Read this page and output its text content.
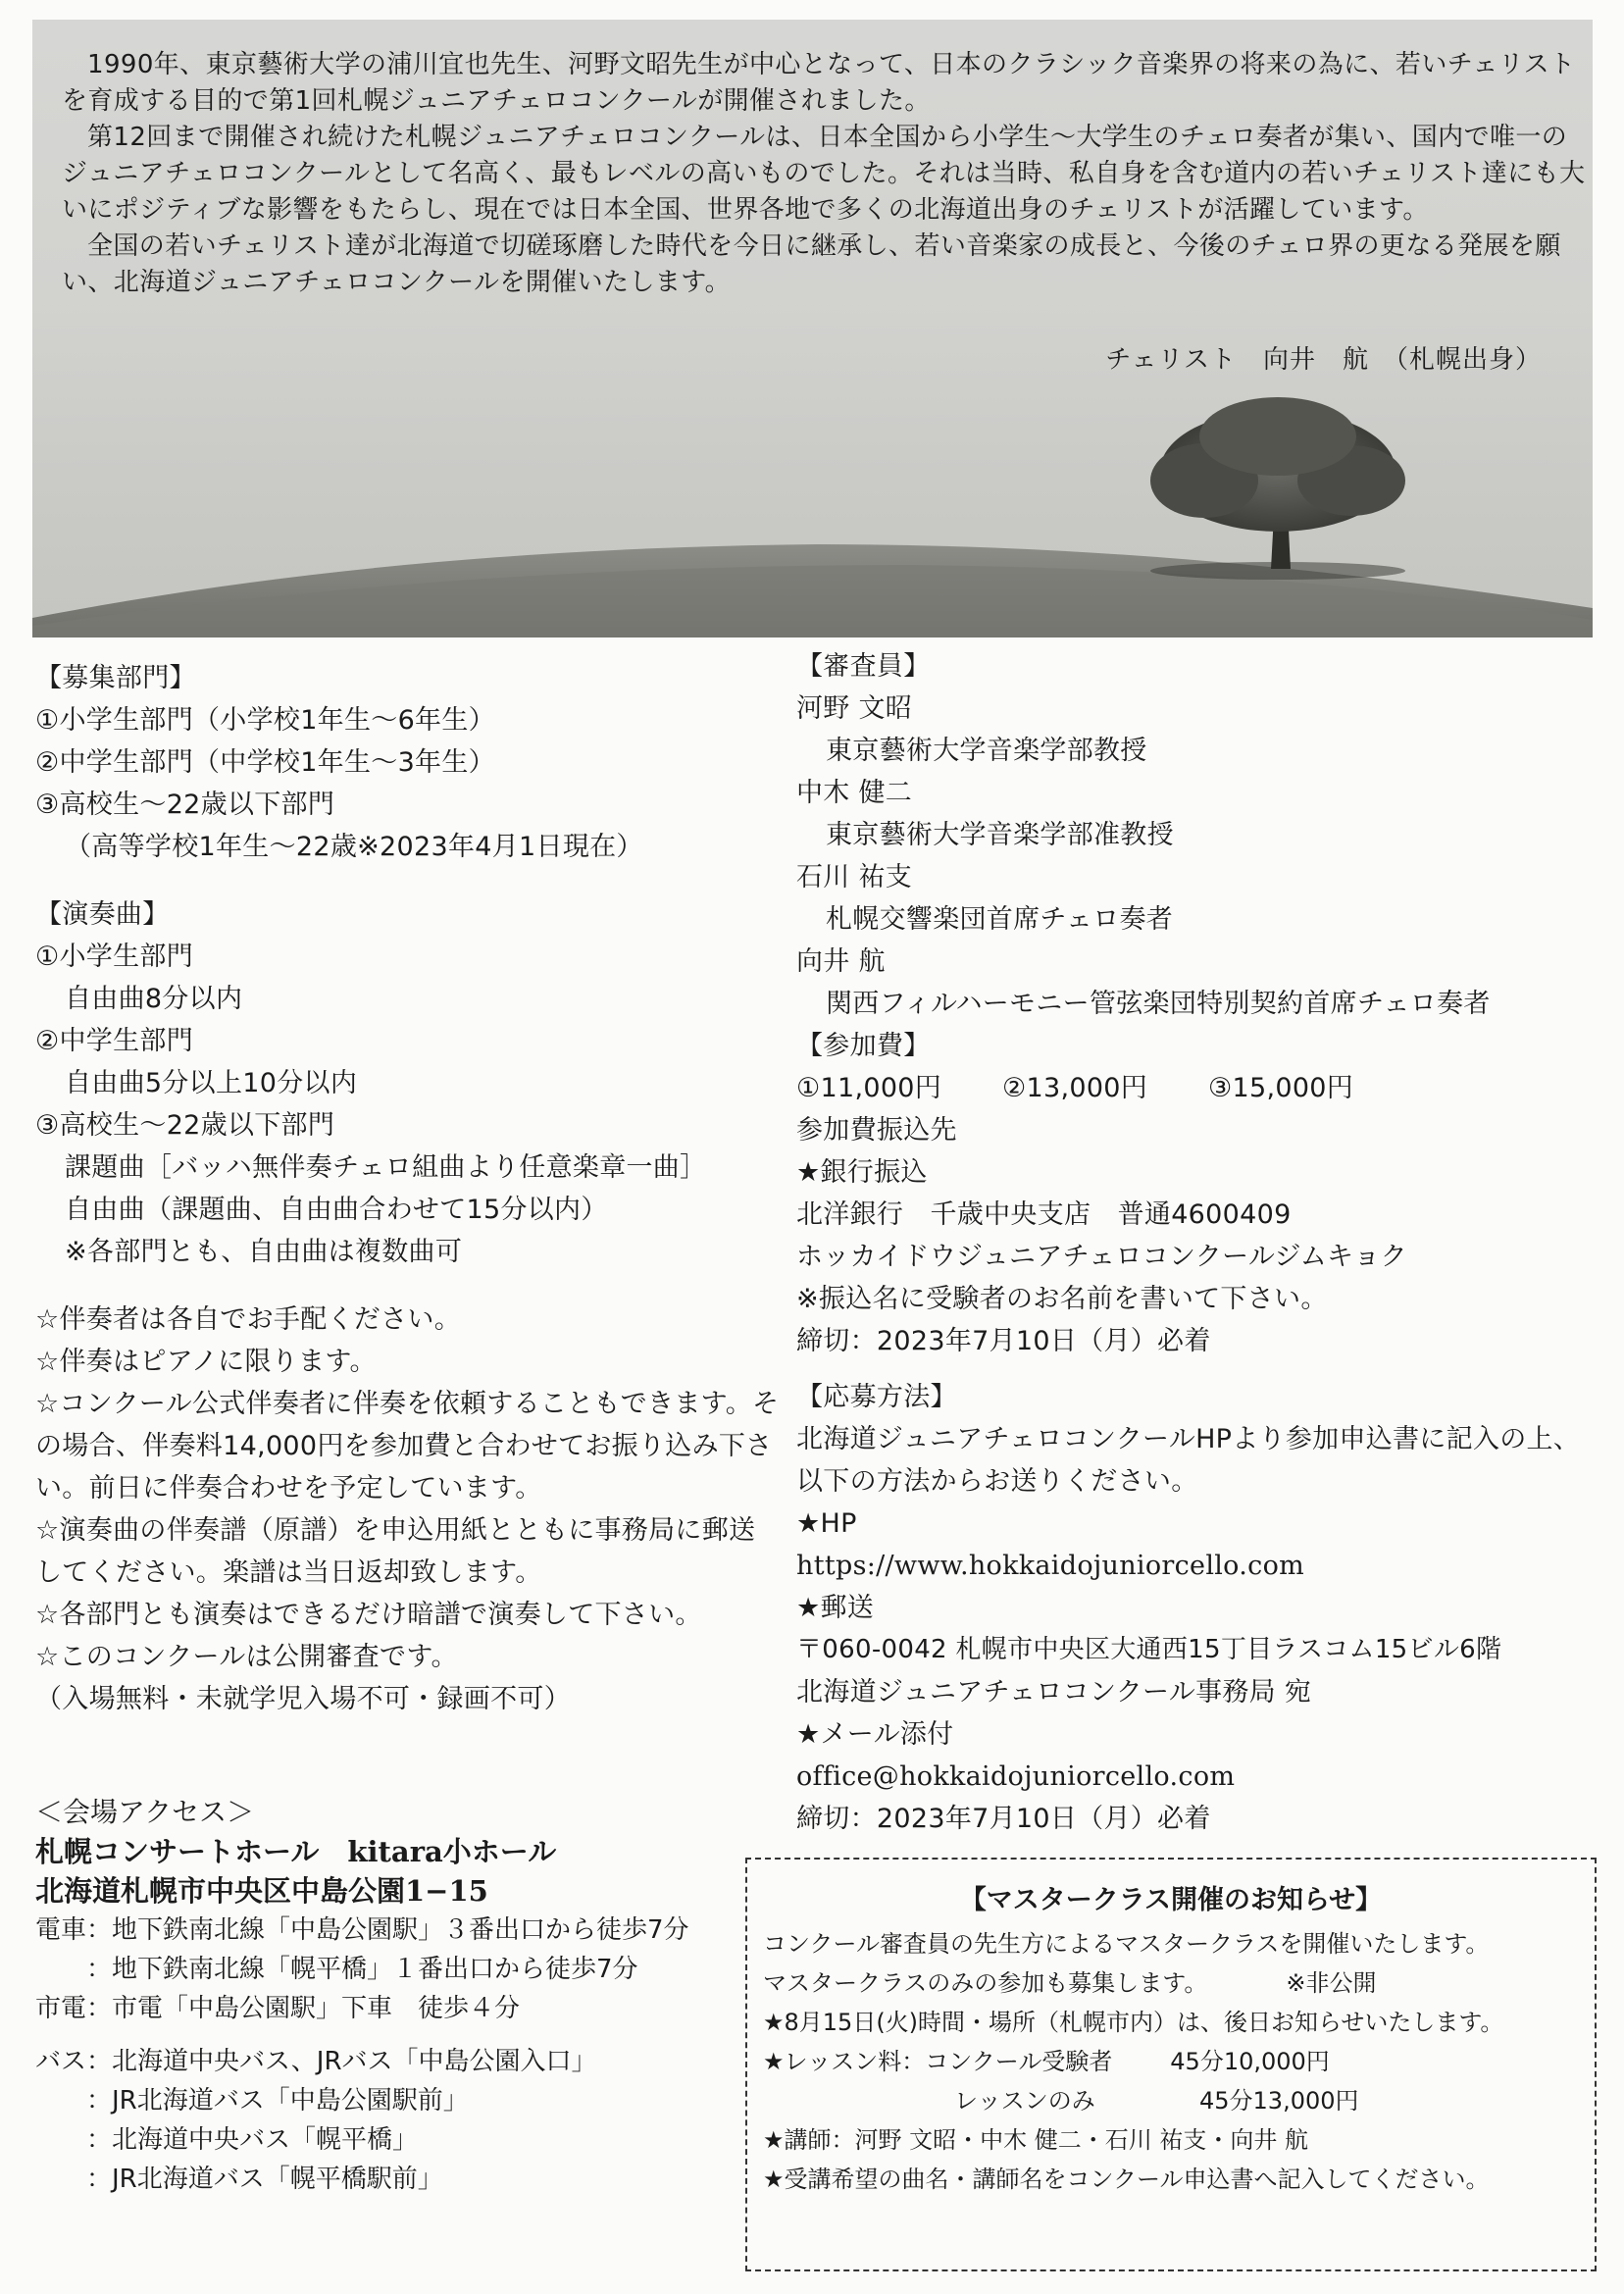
1990年、東京藝術大学の浦川宜也先生、河野文昭先生が中心となって、日本のクラシック音楽界の将来の為に、若いチェリストを育成する目的で第1回札幌ジュニアチェロコンクールが開催されました。

第12回まで開催され続けた札幌ジュニアチェロコンクールは、日本全国から小学生〜大学生のチェロ奏者が集い、国内で唯一のジュニアチェロコンクールとして名高く、最もレベルの高いものでした。それは当時、私自身を含む道内の若いチェリスト達にも大いにポジティブな影響をもたらし、現在では日本全国、世界各地で多くの北海道出身のチェリストが活躍しています。

全国の若いチェリスト達が北海道で切磋琢磨した時代を今日に継承し、若い音楽家の成長と、今後のチェロ界の更なる発展を願い、北海道ジュニアチェロコンクールを開催いたします。

チェリスト　向井　航　（札幌出身）
【募集部門】
①小学生部門（小学校1年生〜6年生）
②中学生部門（中学校1年生〜3年生）
③高校生〜22歳以下部門
（高等学校1年生〜22歳※2023年4月1日現在）
【演奏曲】
①小学生部門
自由曲8分以内
②中学生部門
自由曲5分以上10分以内
③高校生〜22歳以下部門
課題曲［バッハ無伴奏チェロ組曲より任意楽章一曲］
自由曲（課題曲、自由曲合わせて15分以内）
※各部門とも、自由曲は複数曲可
☆伴奏者は各自でお手配ください。
☆伴奏はピアノに限ります。
☆コンクール公式伴奏者に伴奏を依頼することもできます。その場合、伴奏料14,000円を参加費と合わせてお振り込み下さい。前日に伴奏合わせを予定しています。
☆演奏曲の伴奏譜（原譜）を申込用紙とともに事務局に郵送してください。楽譜は当日返却致します。
☆各部門とも演奏はできるだけ暗譜で演奏して下さい。
☆このコンクールは公開審査です。
（入場無料・未就学児入場不可・録画不可）
＜会場アクセス＞
札幌コンサートホール　kitara小ホール
北海道札幌市中央区中島公園1−15
電車：地下鉄南北線「中島公園駅」３番出口から徒歩7分
　　：地下鉄南北線「幌平橋」１番出口から徒歩7分
市電：市電「中島公園駅」下車　徒歩４分
バス：北海道中央バス、JRバス「中島公園入口」
　　：JR北海道バス「中島公園駅前」
　　：北海道中央バス「幌平橋」
　　：JR北海道バス「幌平橋駅前」
【審査員】
河野 文昭
東京藝術大学音楽学部教授
中木 健二
東京藝術大学音楽学部准教授
石川 祐支
札幌交響楽団首席チェロ奏者
向井 航
関西フィルハーモニー管弦楽団特別契約首席チェロ奏者
【参加費】
①11,000円 ②13,000円 ③15,000円
参加費振込先
★銀行振込
北洋銀行　千歳中央支店　普通4600409
ホッカイドウジュニアチェロコンクールジムキョク
※振込名に受験者のお名前を書いて下さい。
締切：2023年7月10日（月）必着
【応募方法】
北海道ジュニアチェロコンクールHPより参加申込書に記入の上、以下の方法からお送りください。
★HP
https://www.hokkaidojuniorcello.com
★郵送
〒060-0042 札幌市中央区大通西15丁目ラスコム15ビル6階
北海道ジュニアチェロコンクール事務局 宛
★メール添付
office@hokkaidojuniorcello.com
締切：2023年7月10日（月）必着
【マスタークラス開催のお知らせ】
コンクール審査員の先生方によるマスタークラスを開催いたします。
マスタークラスのみの参加も募集します。	※非公開
★8月15日(火)時間・場所（札幌市内）は、後日お知らせいたします。
★レッスン料：コンクール受験者 45分10,000円
レッスンのみ	45分13,000円
★講師：河野 文昭・中木 健二・石川 祐支・向井 航
★受講希望の曲名・講師名をコンクール申込書へ記入してください。
